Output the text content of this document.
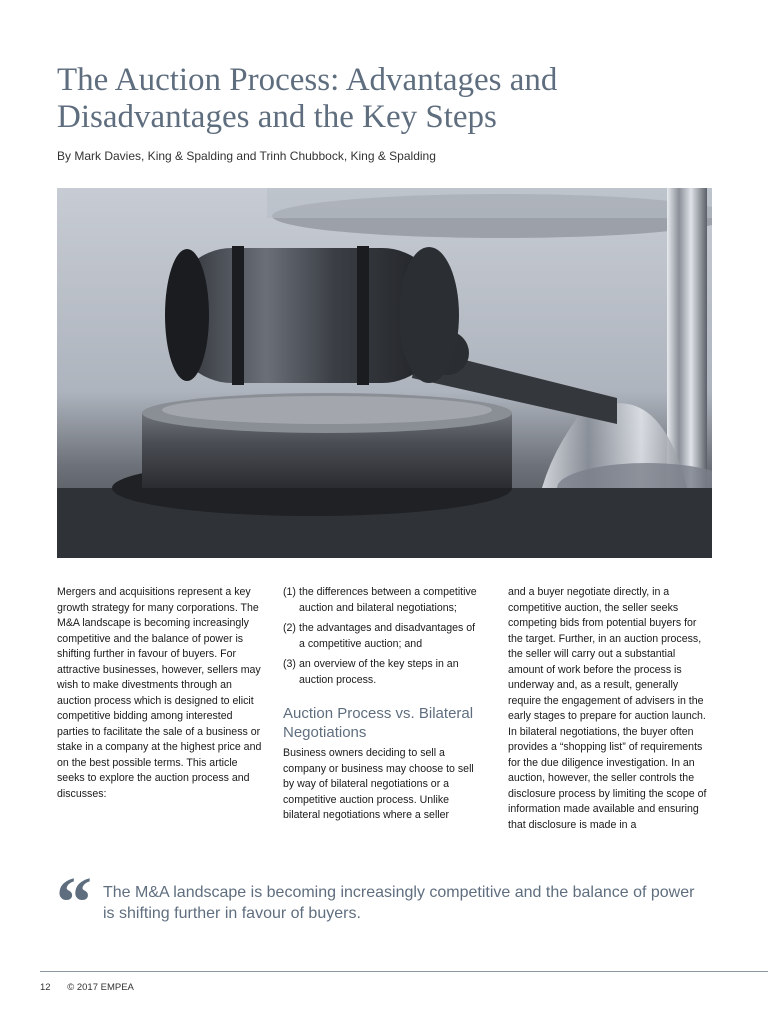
The Auction Process: Advantages and Disadvantages and the Key Steps

By Mark Davies, King & Spalding and Trinh Chubbock, King & Spalding

Mergers and acquisitions represent a key growth strategy for many corporations. The M&A landscape is becoming increasingly competitive and the balance of power is shifting further in favour of buyers. For attractive businesses, however, sellers may wish to make divestments through an auction process which is designed to elicit competitive bidding among interested parties to facilitate the sale of a business or stake in a company at the highest price and on the best possible terms. This article seeks to explore the auction process and discusses:

(1) the differences between a competitive auction and bilateral negotiations;
(2) the advantages and disadvantages of a competitive auction; and
(3) an overview of the key steps in an auction process.
Auction Process vs. Bilateral Negotiations

Business owners deciding to sell a company or business may choose to sell by way of bilateral negotiations or a competitive auction process. Unlike bilateral negotiations where a seller

and a buyer negotiate directly, in a competitive auction, the seller seeks competing bids from potential buyers for the target. Further, in an auction process, the seller will carry out a substantial amount of work before the process is underway and, as a result, generally require the engagement of advisers in the early stages to prepare for auction launch. In bilateral negotiations, the buyer often provides a “shopping list” of requirements for the due diligence investigation. In an auction, however, the seller controls the disclosure process by limiting the scope of information made available and ensuring that disclosure is made in a

“ The M&A landscape is becoming increasingly competitive and the balance of power is shifting further in favour of buyers.

12 © 2017 EMPEA
